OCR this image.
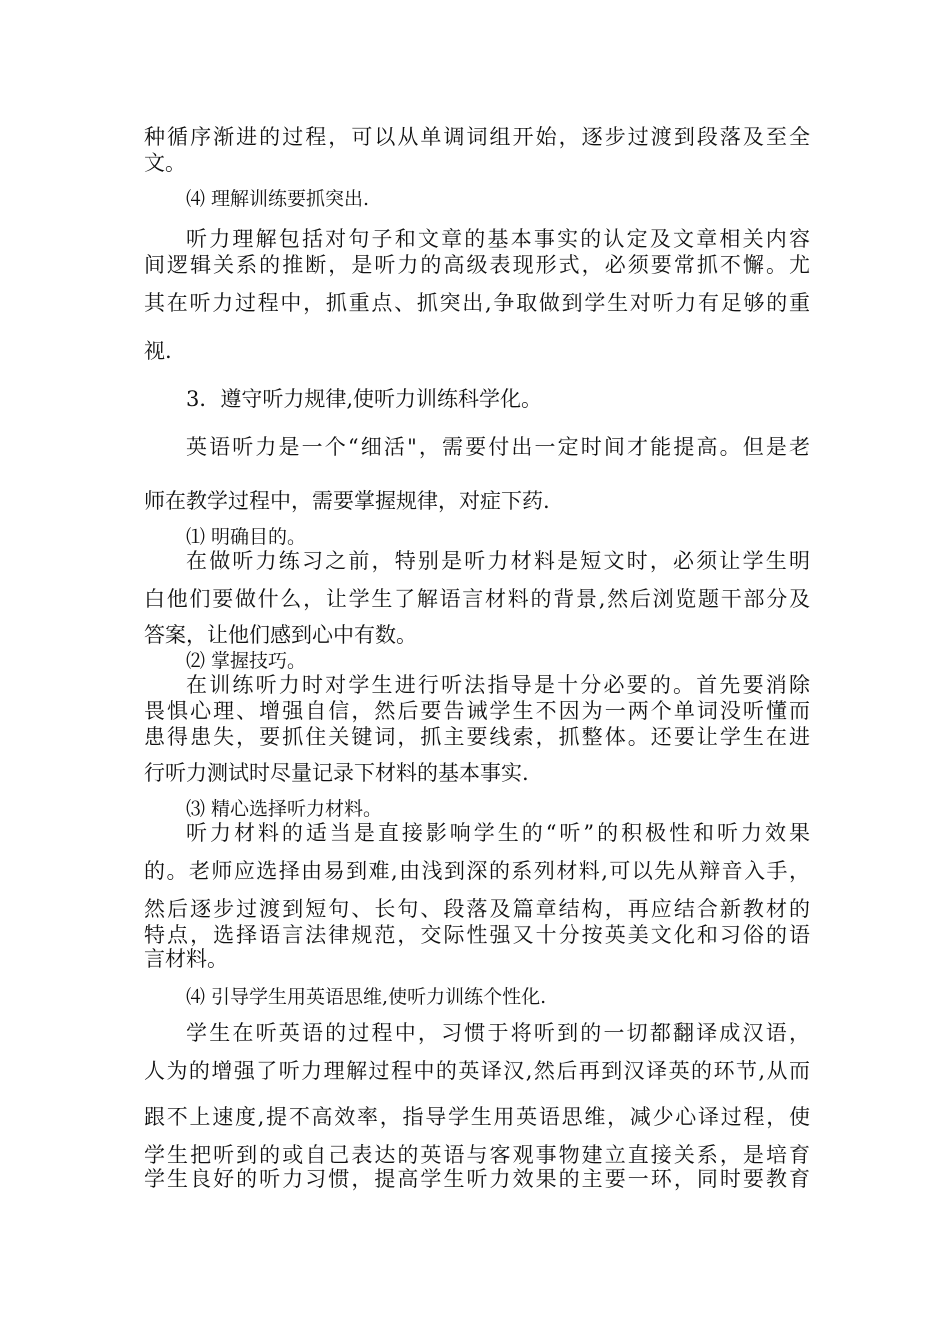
种循序渐进的过程，可以从单调词组开始，逐步过渡到段落及至全
文。
⑷ 理解训练要抓突出.
听力理解包括对句子和文章的基本事实的认定及文章相关内容
间逻辑关系的推断，是听力的高级表现形式，必须要常抓不懈。尤
其在听力过程中，抓重点、抓突出,争取做到学生对听力有足够的重
视.
3．遵守听力规律,使听力训练科学化。
英语听力是一个“细活"，需要付出一定时间才能提高。但是老
师在教学过程中，需要掌握规律，对症下药.
⑴ 明确目的。
在做听力练习之前，特别是听力材料是短文时，必须让学生明
白他们要做什么，让学生了解语言材料的背景,然后浏览题干部分及
答案，让他们感到心中有数。
⑵ 掌握技巧。
在训练听力时对学生进行听法指导是十分必要的。首先要消除
畏惧心理、增强自信，然后要告诫学生不因为一两个单词没听懂而
患得患失，要抓住关键词，抓主要线索，抓整体。还要让学生在进
行听力测试时尽量记录下材料的基本事实.
⑶ 精心选择听力材料。
听力材料的适当是直接影响学生的“听”的积极性和听力效果
的。老师应选择由易到难,由浅到深的系列材料,可以先从辩音入手，
然后逐步过渡到短句、长句、段落及篇章结构，再应结合新教材的
特点，选择语言法律规范，交际性强又十分按英美文化和习俗的语
言材料。
⑷ 引导学生用英语思维,使听力训练个性化.
学生在听英语的过程中，习惯于将听到的一切都翻译成汉语，
人为的增强了听力理解过程中的英译汉,然后再到汉译英的环节,从而
跟不上速度,提不高效率，指导学生用英语思维，减少心译过程，使
学生把听到的或自己表达的英语与客观事物建立直接关系，是培育
学生良好的听力习惯，提高学生听力效果的主要一环，同时要教育
